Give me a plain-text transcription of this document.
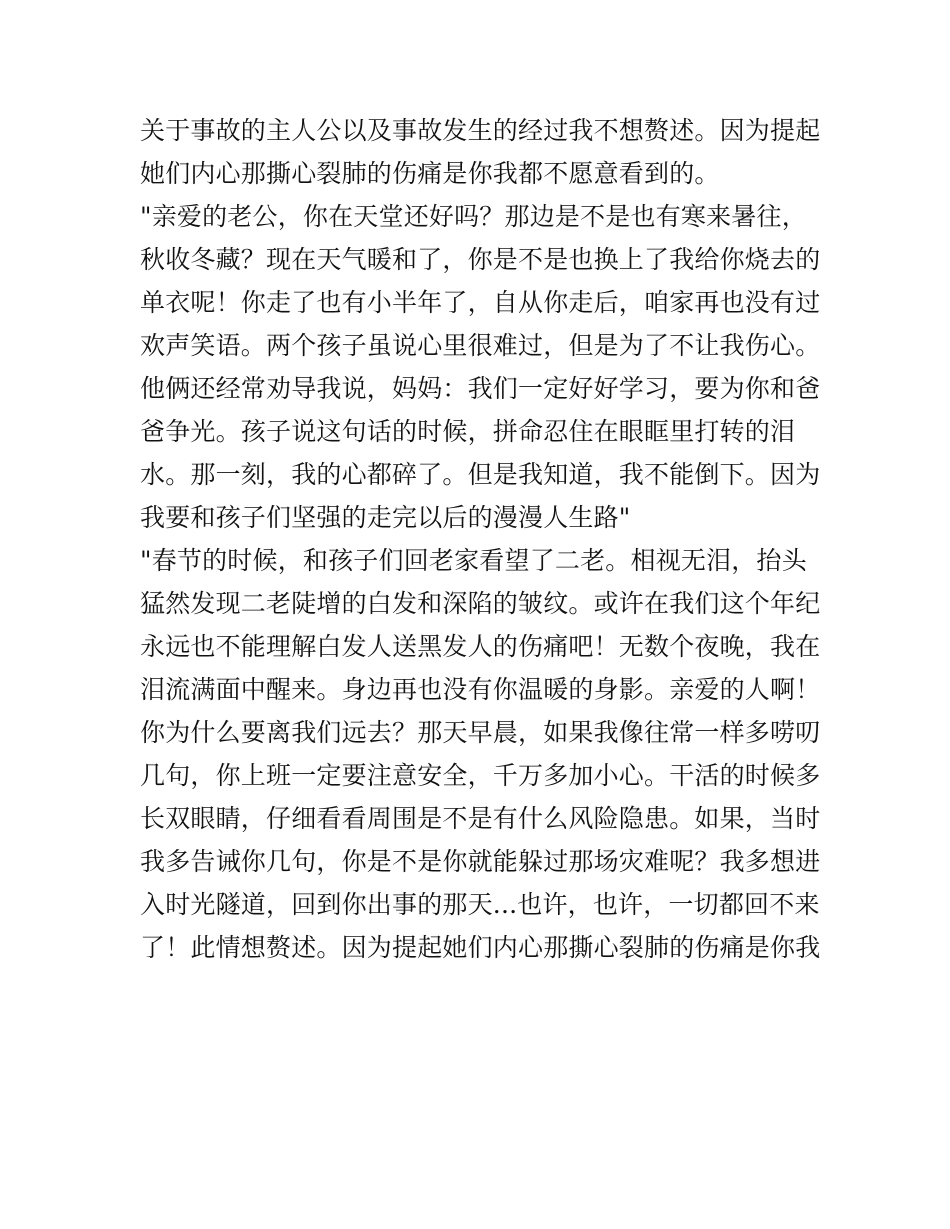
关于事故的主人公以及事故发生的经过我不想赘述。因为提起
她们内心那撕心裂肺的伤痛是你我都不愿意看到的。
"亲爱的老公，你在天堂还好吗？那边是不是也有寒来暑往，
秋收冬藏？现在天气暖和了，你是不是也换上了我给你烧去的
单衣呢！你走了也有小半年了，自从你走后，咱家再也没有过
欢声笑语。两个孩子虽说心里很难过，但是为了不让我伤心。
他俩还经常劝导我说，妈妈：我们一定好好学习，要为你和爸
爸争光。孩子说这句话的时候，拼命忍住在眼眶里打转的泪
水。那一刻，我的心都碎了。但是我知道，我不能倒下。因为
我要和孩子们坚强的走完以后的漫漫人生路"
"春节的时候，和孩子们回老家看望了二老。相视无泪，抬头
猛然发现二老陡增的白发和深陷的皱纹。或许在我们这个年纪
永远也不能理解白发人送黑发人的伤痛吧！无数个夜晚，我在
泪流满面中醒来。身边再也没有你温暖的身影。亲爱的人啊！
你为什么要离我们远去？那天早晨，如果我像往常一样多唠叨
几句，你上班一定要注意安全，千万多加小心。干活的时候多
长双眼睛，仔细看看周围是不是有什么风险隐患。如果，当时
我多告诫你几句，你是不是你就能躲过那场灾难呢？我多想进
入时光隧道，回到你出事的那天...也许，也许，一切都回不来
了！此情想赘述。因为提起她们内心那撕心裂肺的伤痛是你我
